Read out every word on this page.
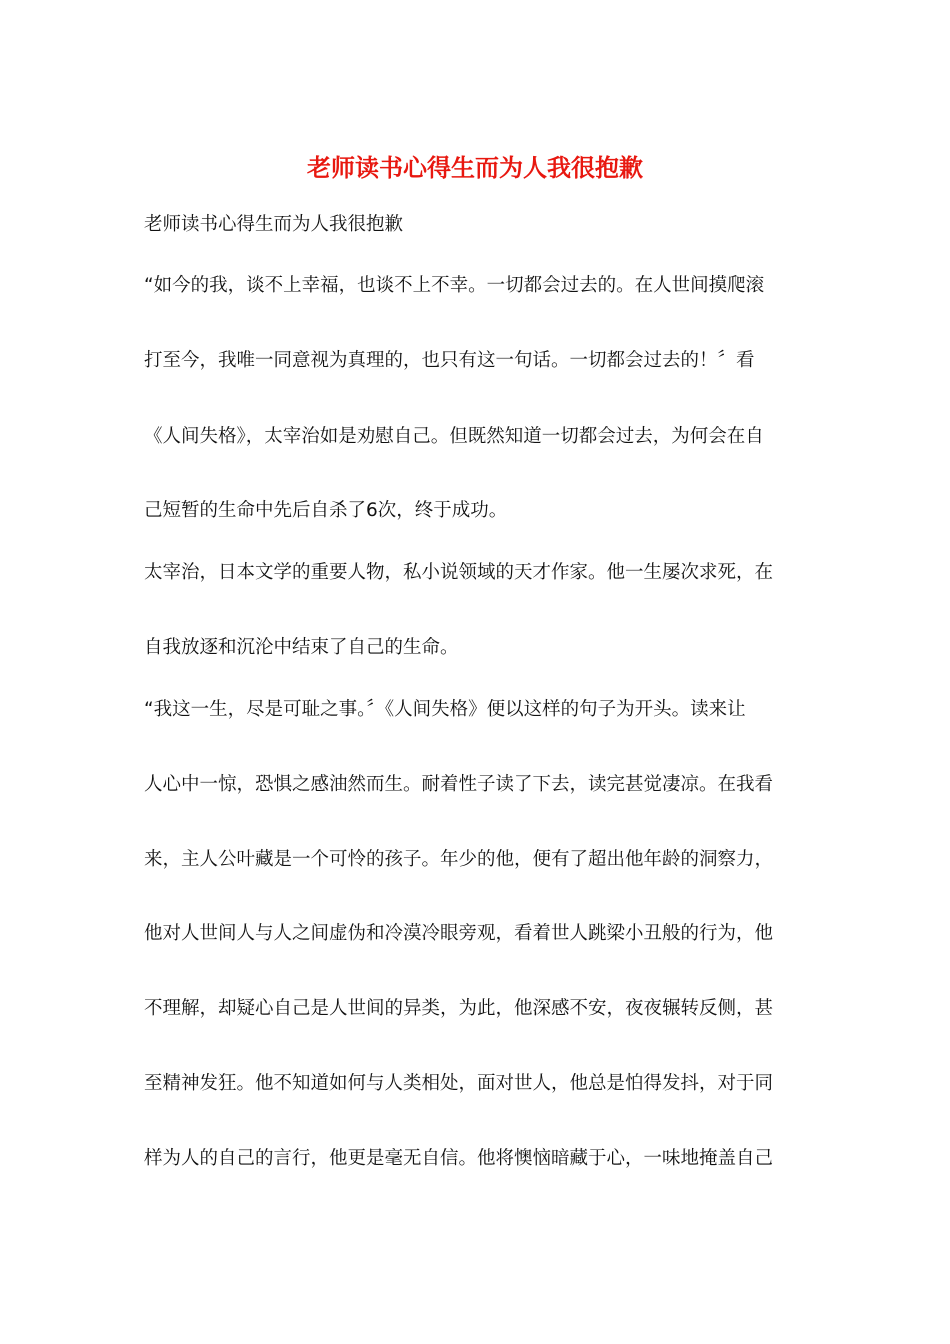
老师读书心得生而为人我很抱歉
老师读书心得生而为人我很抱歉
“如今的我，谈不上幸福，也谈不上不幸。一切都会过去的。在人世间摸爬滚
打至今，我唯一同意视为真理的，也只有这一句话。一切都会过去的！〞看
《人间失格》，太宰治如是劝慰自己。但既然知道一切都会过去，为何会在自
己短暂的生命中先后自杀了6次，终于成功。
太宰治，日本文学的重要人物，私小说领域的天才作家。他一生屡次求死，在
自我放逐和沉沦中结束了自己的生命。
“我这一生，尽是可耻之事。〞《人间失格》便以这样的句子为开头。读来让
人心中一惊，恐惧之感油然而生。耐着性子读了下去，读完甚觉凄凉。在我看
来，主人公叶藏是一个可怜的孩子。年少的他，便有了超出他年龄的洞察力，
他对人世间人与人之间虚伪和冷漠冷眼旁观，看着世人跳梁小丑般的行为，他
不理解，却疑心自己是人世间的异类，为此，他深感不安，夜夜辗转反侧，甚
至精神发狂。他不知道如何与人类相处，面对世人，他总是怕得发抖，对于同
样为人的自己的言行，他更是毫无自信。他将懊恼暗藏于心，一味地掩盖自己
